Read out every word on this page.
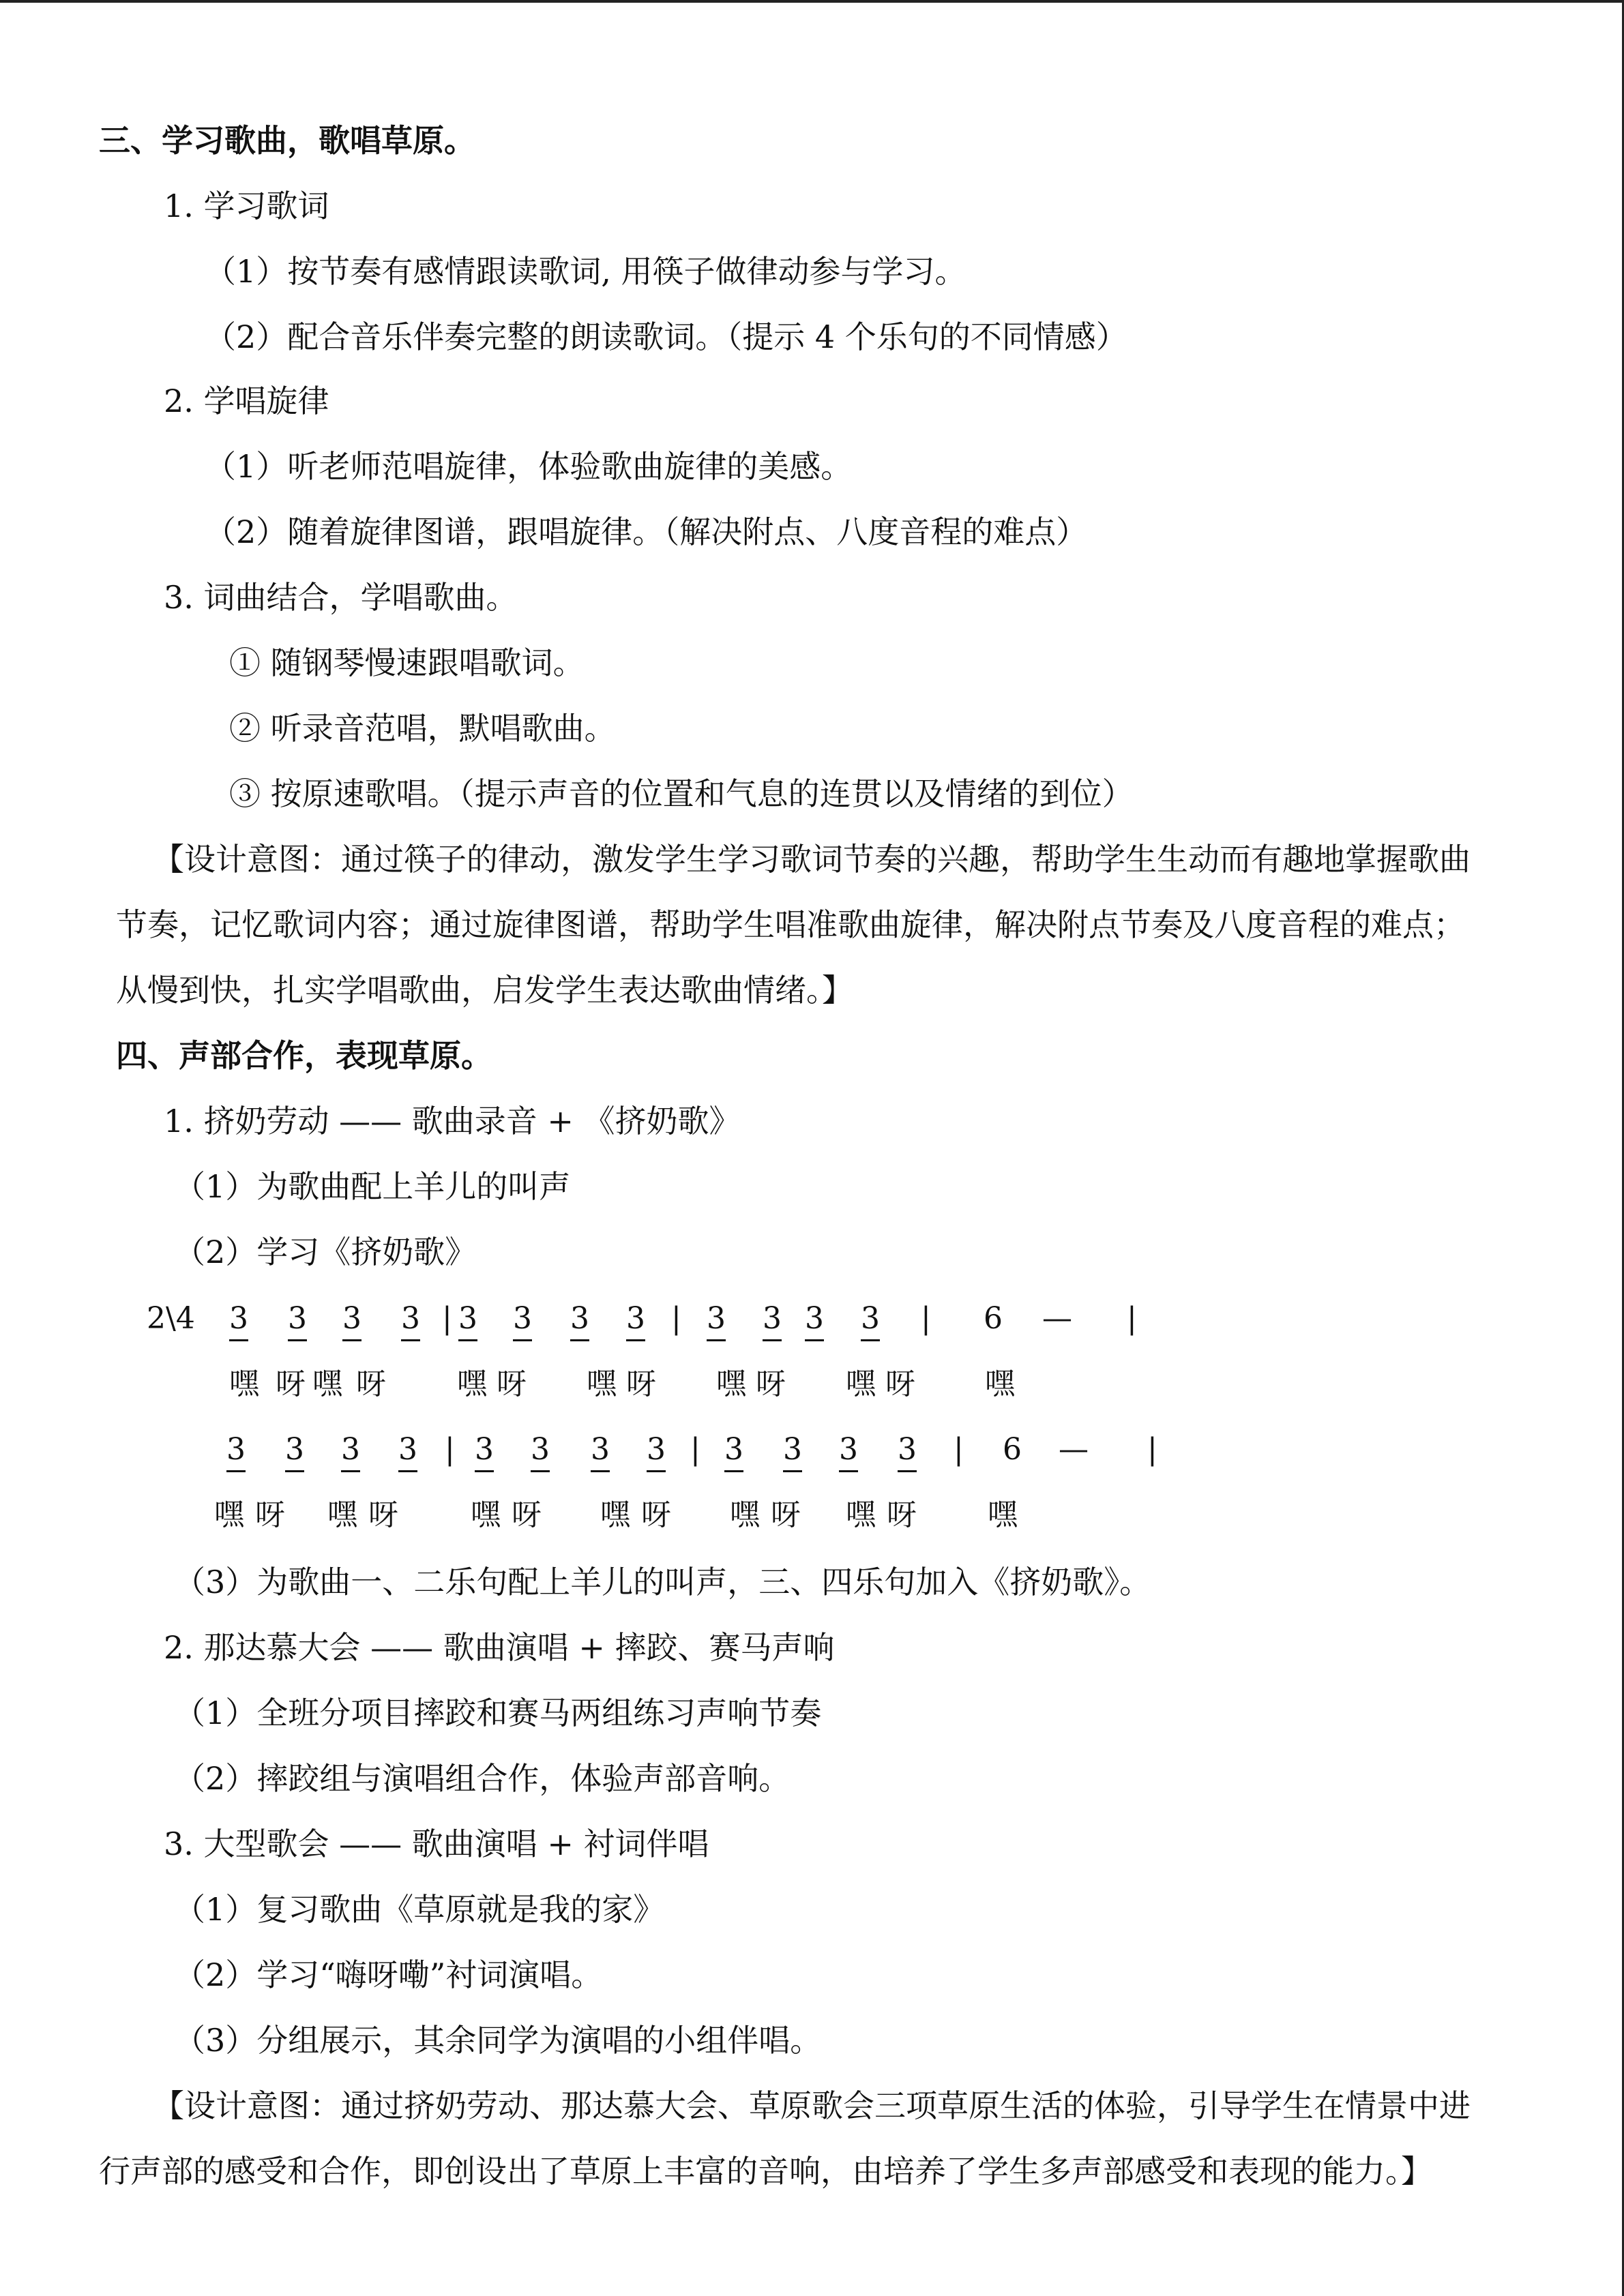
三、学习歌曲，歌唱草原。
1. 学习歌词
（1）按节奏有感情跟读歌词, 用筷子做律动参与学习。
（2）配合音乐伴奏完整的朗读歌词。（提示 4 个乐句的不同情感）
2. 学唱旋律
（1）听老师范唱旋律，体验歌曲旋律的美感。
（2）随着旋律图谱，跟唱旋律。（解决附点、八度音程的难点）
3. 词曲结合，学唱歌曲。
① 随钢琴慢速跟唱歌词。
② 听录音范唱，默唱歌曲。
③ 按原速歌唱。（提示声音的位置和气息的连贯以及情绪的到位）
【设计意图：通过筷子的律动，激发学生学习歌词节奏的兴趣，帮助学生生动而有趣地掌握歌曲
节奏，记忆歌词内容；通过旋律图谱，帮助学生唱准歌曲旋律，解决附点节奏及八度音程的难点；
从慢到快，扎实学唱歌曲，启发学生表达歌曲情绪。】
四、声部合作，表现草原。
1. 挤奶劳动 —— 歌曲录音 + 《挤奶歌》
（1）为歌曲配上羊儿的叫声
（2）学习《挤奶歌》
2\4 3 3 3 3 | 3 3 3 3 | 3 3 3 3 | 6 — |
嘿 呀 嘿 呀 嘿 呀 嘿 呀 嘿 呀 嘿 呀 嘿
3 3 3 3 | 3 3 3 3 | 3 3 3 3 | 6 — |
嘿 呀 嘿 呀 嘿 呀 嘿 呀 嘿 呀 嘿 呀 嘿
（3）为歌曲一、二乐句配上羊儿的叫声，三、四乐句加入《挤奶歌》。
2. 那达慕大会 —— 歌曲演唱 + 摔跤、赛马声响
（1）全班分项目摔跤和赛马两组练习声响节奏
（2）摔跤组与演唱组合作，体验声部音响。
3. 大型歌会 —— 歌曲演唱 + 衬词伴唱
（1）复习歌曲《草原就是我的家》
（2）学习“嗨呀嘞”衬词演唱。
（3）分组展示，其余同学为演唱的小组伴唱。
【设计意图：通过挤奶劳动、那达慕大会、草原歌会三项草原生活的体验，引导学生在情景中进
行声部的感受和合作，即创设出了草原上丰富的音响，由培养了学生多声部感受和表现的能力。】
